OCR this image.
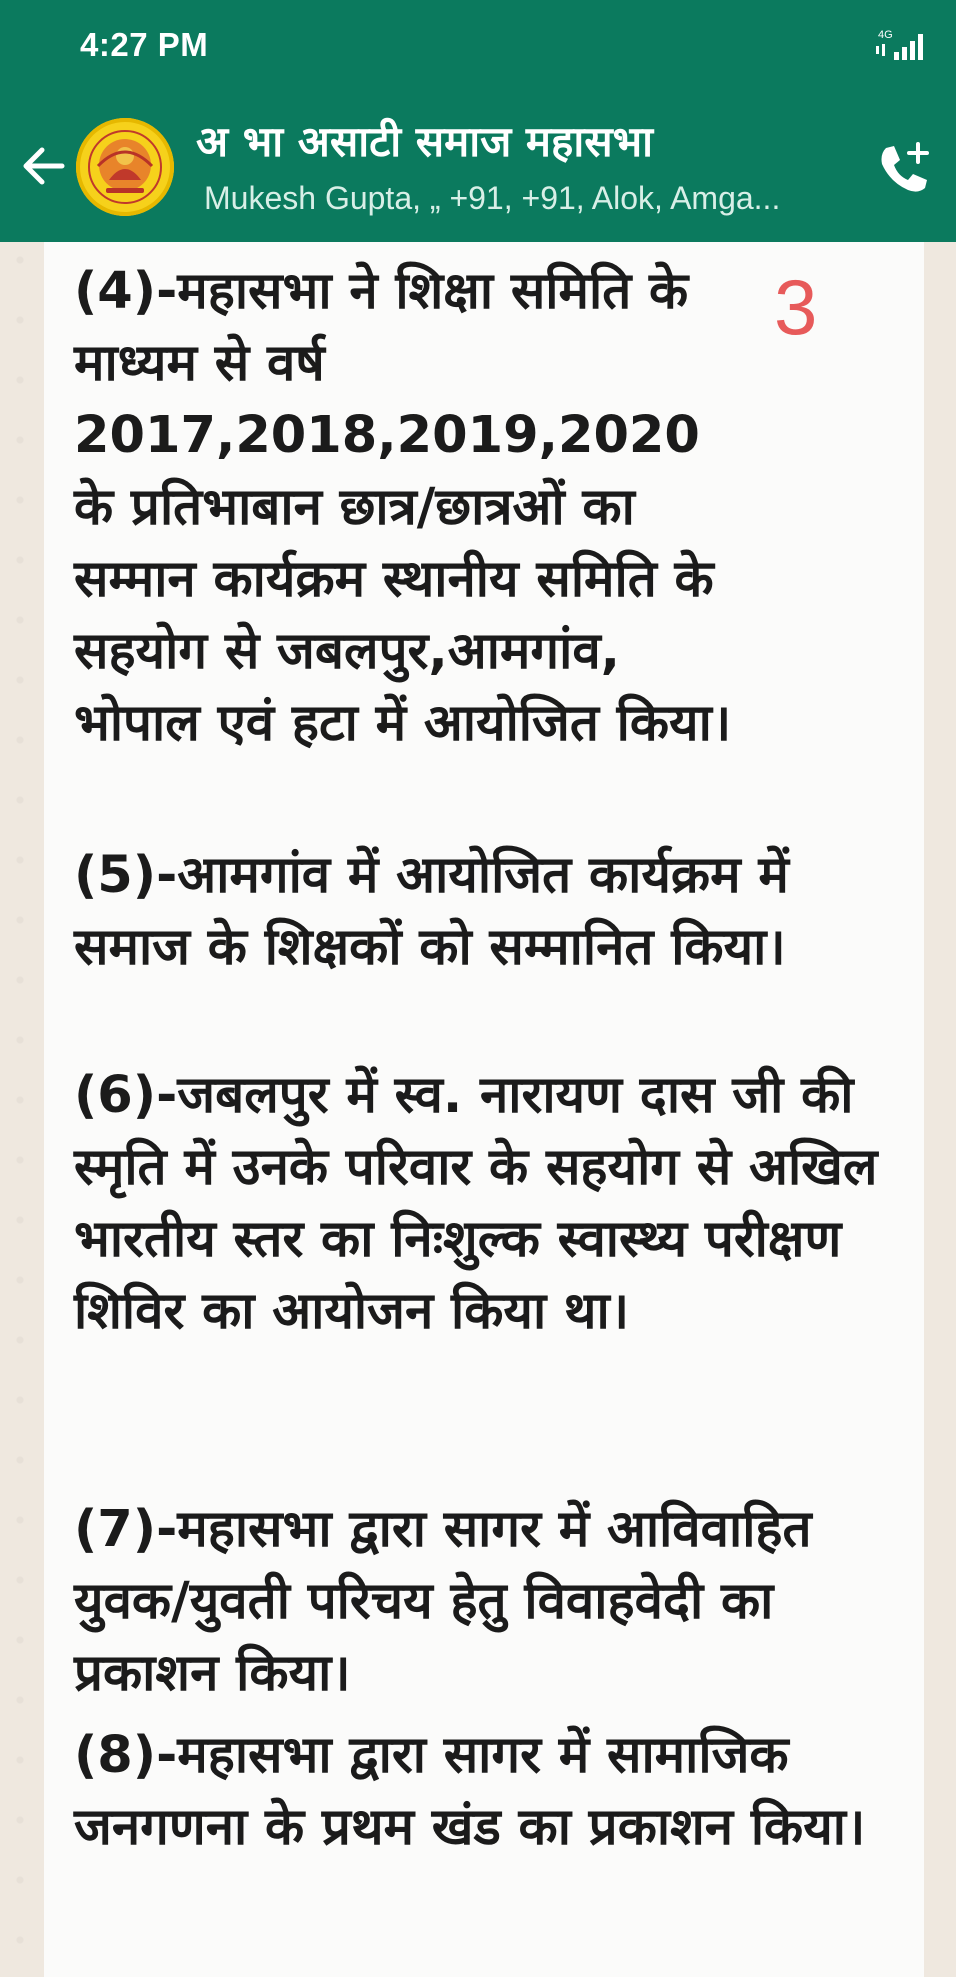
4:27 PM	4G
अ भा असाटी समाज महासभा
Mukesh Gupta, „ +91, +91, Alok, Amga...
3

(4)-महासभा ने शिक्षा समिति के माध्यम से वर्ष 2017,2018,2019,2020 के प्रतिभाबान छात्र/छात्रओं का सम्मान कार्यक्रम स्थानीय समिति के सहयोग से जबलपुर,आमगांव, भोपाल एवं हटा में आयोजित किया।

(5)-आमगांव में आयोजित कार्यक्रम में समाज के शिक्षकों को सम्मानित किया।

(6)-जबलपुर में स्व. नारायण दास जी की स्मृति में उनके परिवार के सहयोग से अखिल भारतीय स्तर का निःशुल्क स्वास्थ्य परीक्षण शिविर का आयोजन किया था।

(7)-महासभा द्वारा सागर में आविवाहित युवक/युवती परिचय हेतु विवाहवेदी का प्रकाशन किया।

(8)-महासभा द्वारा सागर में सामाजिक जनगणना के प्रथम खंड का प्रकाशन किया।
